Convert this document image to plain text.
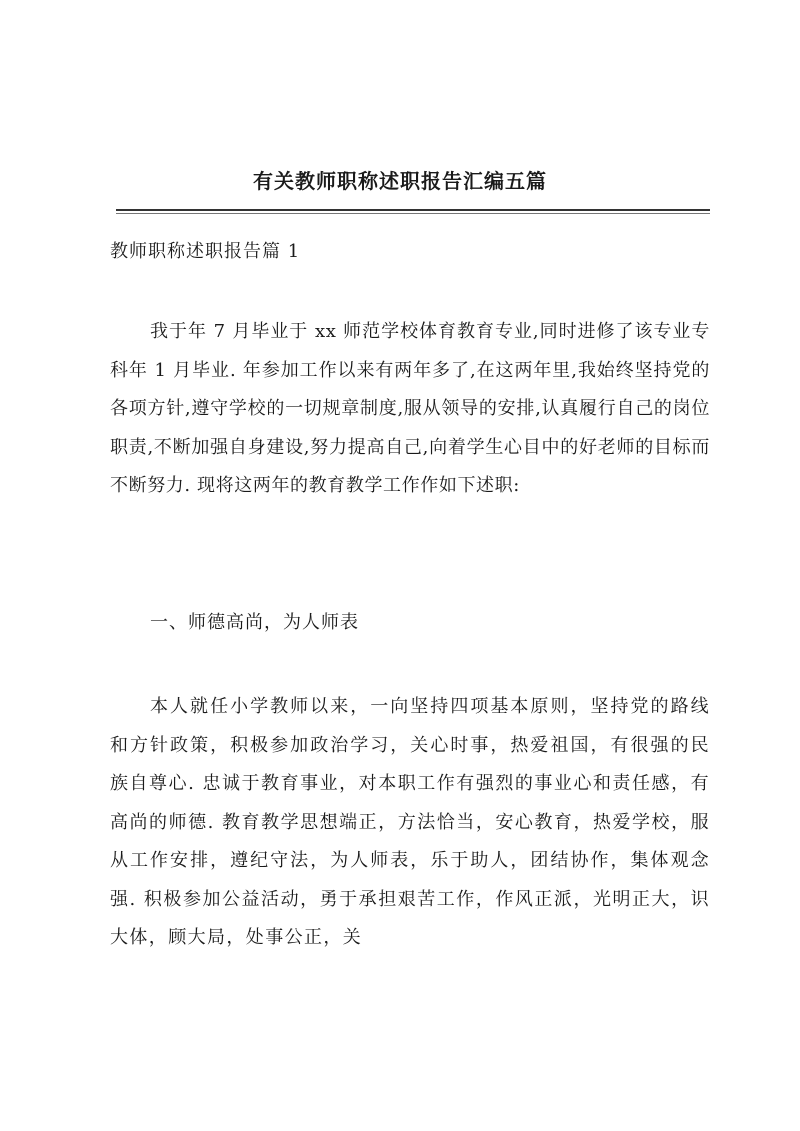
有关教师职称述职报告汇编五篇
教师职称述职报告篇 1

我于年 7 月毕业于 xx 师范学校体育教育专业,同时进修了该专业专科年 1 月毕业. 年参加工作以来有两年多了,在这两年里,我始终坚持党的各项方针,遵守学校的一切规章制度,服从领导的安排,认真履行自己的岗位职责,不断加强自身建设,努力提高自己,向着学生心目中的好老师的目标而不断努力. 现将这两年的教育教学工作作如下述职:

一、师德高尚，为人师表

本人就任小学教师以来，一向坚持四项基本原则，坚持党的路线和方针政策，积极参加政治学习，关心时事，热爱祖国，有很强的民族自尊心. 忠诚于教育事业，对本职工作有强烈的事业心和责任感，有高尚的师德. 教育教学思想端正，方法恰当，安心教育，热爱学校，服从工作安排，遵纪守法，为人师表，乐于助人，团结协作，集体观念强. 积极参加公益活动，勇于承担艰苦工作，作风正派，光明正大，识大体，顾大局，处事公正，关
